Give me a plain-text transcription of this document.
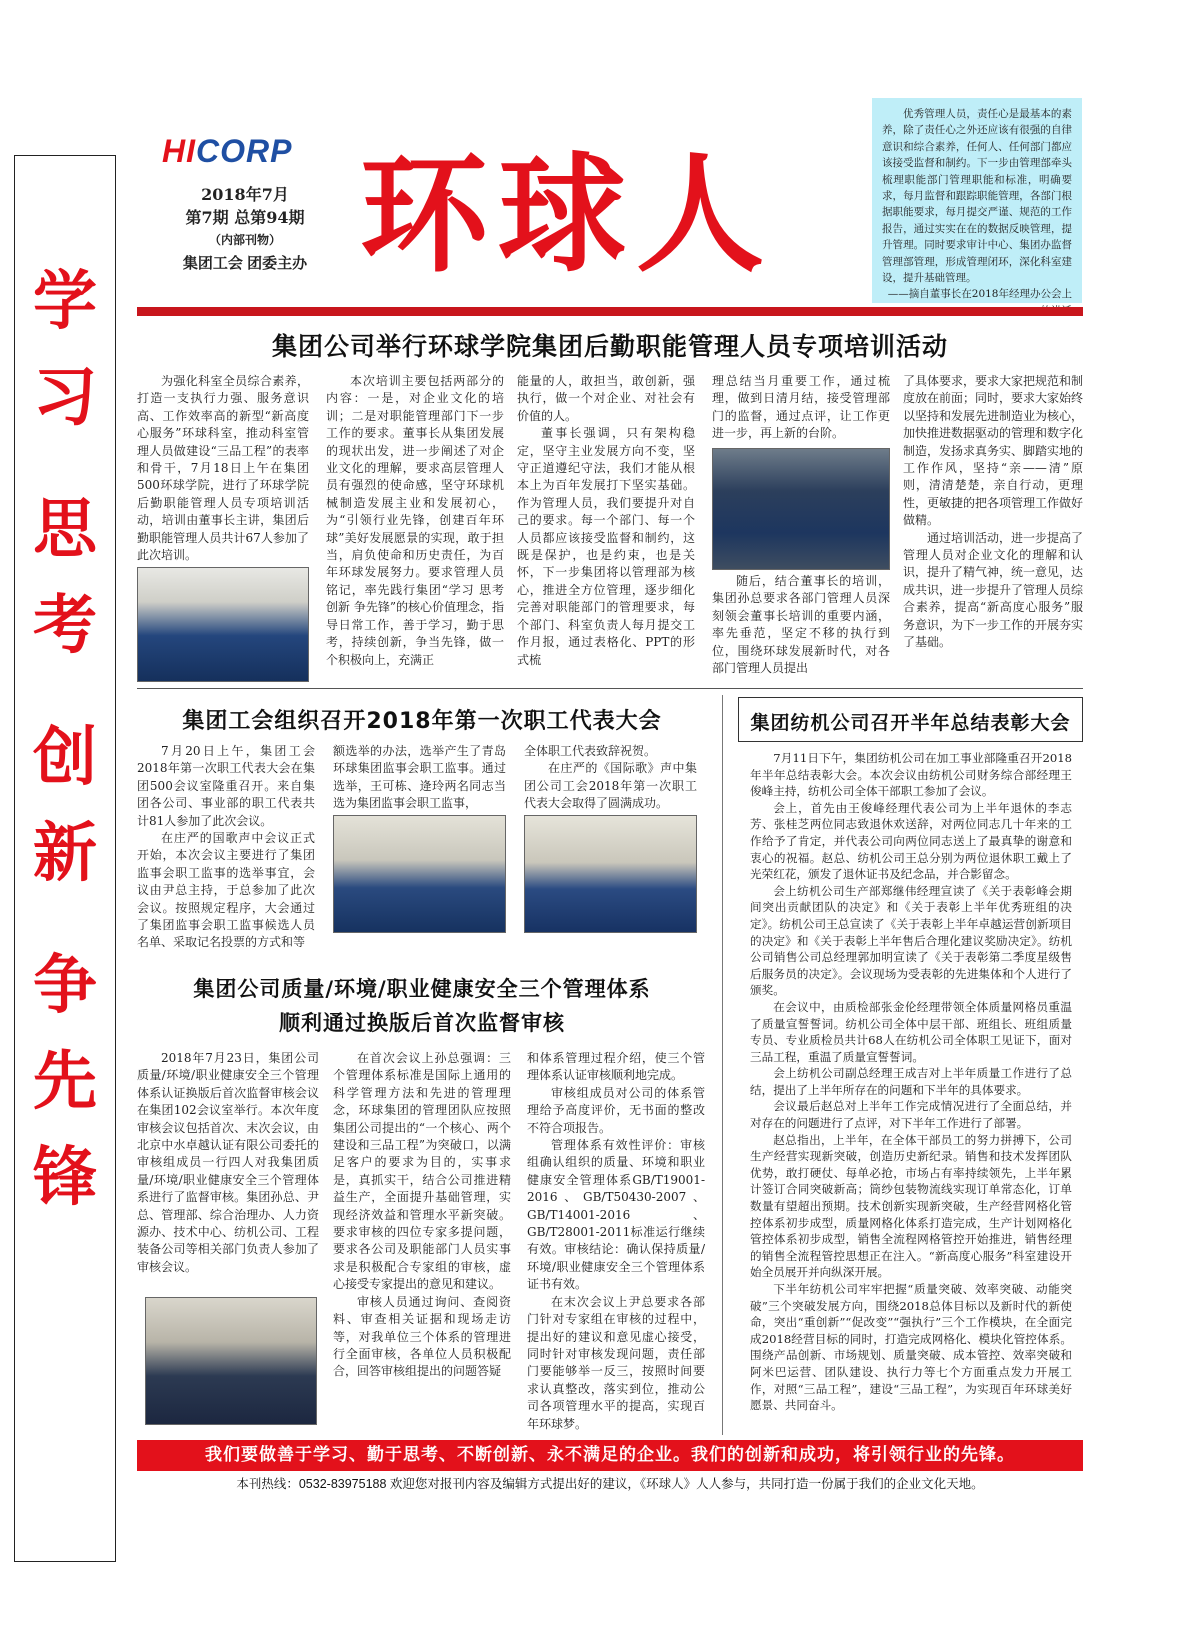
学
习
思
考
创
新
争
先
锋
HICORP
2018年7月
第7期 总第94期
（内部刊物）
集团工会 团委主办 环球人

优秀管理人员，责任心是最基本的素养，除了责任心之外还应该有很强的自律意识和综合素养，任何人、任何部门都应该接受监督和制约。下一步由管理部牵头梳理职能部门管理职能和标准，明确要求，每月监督和跟踪职能管理，各部门根据职能要求，每月提交严谨、规范的工作报告，通过实实在在的数据反映管理，提升管理。同时要求审计中心、集团办监督管理部管理，形成管理闭环，深化科室建设，提升基础管理。

——摘自董事长在2018年经理办公会上
集团公司举行环球学院集团后勤职能管理人员专项培训活动

为强化科室全员综合素养，打造一支执行力强、服务意识高、工作效率高的新型“新高度心服务”环球科室，推动科室管理人员做建设“三品工程”的表率和骨干，7月18日上午在集团500环球学院，进行了环球学院后勤职能管理人员专项培训活动，培训由董事长主讲，集团后勤职能管理人员共计67人参加了此次培训。

本次培训主要包括两部分的内容：一是，对企业文化的培训；二是对职能管理部门下一步工作的要求。董事长从集团发展的现状出发，进一步阐述了对企业文化的理解，要求高层管理人员有强烈的使命感，坚守环球机械制造发展主业和发展初心，为“引领行业先锋，创建百年环球”美好发展愿景的实现，敢于担当，肩负使命和历史责任，为百年环球发展努力。要求管理人员铭记，率先践行集团“学习 思考 创新 争先锋”的核心价值理念，指导日常工作，善于学习，勤于思考，持续创新，争当先锋，做一个积极向上，充满正

能量的人，敢担当，敢创新，强执行，做一个对企业、对社会有价值的人。

董事长强调，只有架构稳定，坚守主业发展方向不变，坚守正道遵纪守法，我们才能从根本上为百年发展打下坚实基础。作为管理人员，我们要提升对自己的要求。每一个部门、每一个人员都应该接受监督和制约，这既是保护，也是约束，也是关怀，下一步集团将以管理部为核心，推进全方位管理，逐步细化完善对职能部门的管理要求，每个部门、科室负责人每月提交工作月报，通过表格化、PPT的形式梳

理总结当月重要工作，通过梳理，做到日清月结，接受管理部门的监督，通过点评，让工作更进一步，再上新的台阶。

随后，结合董事长的培训，集团孙总要求各部门管理人员深刻领会董事长培训的重要内涵，率先垂范，坚定不移的执行到位，围绕环球发展新时代，对各部门管理人员提出

了具体要求，要求大家把规范和制度放在前面；同时，要求大家始终以坚持和发展先进制造业为核心，加快推进数据驱动的管理和数字化制造，发扬求真务实、脚踏实地的工作作风，坚持“亲——清”原则，清清楚楚，亲自行动，更理性，更敏捷的把各项管理工作做好做精。

通过培训活动，进一步提高了管理人员对企业文化的理解和认识，提升了精气神，统一意见，达成共识，进一步提升了管理人员综合素养，提高“新高度心服务”服务意识，为下一步工作的开展夯实了基础。

集团工会组织召开2018年第一次职工代表大会

7月20日上午，集团工会2018年第一次职工代表大会在集团500会议室隆重召开。来自集团各公司、事业部的职工代表共计81人参加了此次会议。

在庄严的国歌声中会议正式开始，本次会议主要进行了集团监事会职工监事的选举事宜，会议由尹总主持，于总参加了此次会议。按照规定程序，大会通过了集团监事会职工监事候选人员名单、采取记名投票的方式和等

额选举的办法，选举产生了青岛环球集团监事会职工监事。通过选举，王可栋、逄玲两名同志当选为集团监事会职工监事，

全体职工代表致辞祝贺。

在庄严的《国际歌》声中集团公司工会2018年第一次职工代表大会取得了圆满成功。

集团公司质量/环境/职业健康安全三个管理体系
顺利通过换版后首次监督审核

2018年7月23日，集团公司质量/环境/职业健康安全三个管理体系认证换版后首次监督审核会议在集团102会议室举行。本次年度审核会议包括首次、末次会议，由北京中水卓越认证有限公司委托的审核组成员一行四人对我集团质量/环境/职业健康安全三个管理体系进行了监督审核。集团孙总、尹总、管理部、综合治理办、人力资源办、技术中心、纺机公司、工程装备公司等相关部门负责人参加了审核会议。

在首次会议上孙总强调：三个管理体系标准是国际上通用的科学管理方法和先进的管理理念，环球集团的管理团队应按照集团公司提出的“一个核心、两个建设和三品工程”为突破口，以满足客户的要求为目的，实事求是，真抓实干，结合公司推进精益生产，全面提升基础管理，实现经济效益和管理水平新突破。要求审核的四位专家多提问题，要求各公司及职能部门人员实事求是积极配合专家组的审核，虚心接受专家提出的意见和建议。

审核人员通过询问、查阅资料、审查相关证据和现场走访等，对我单位三个体系的管理进行全面审核，各单位人员积极配合，回答审核组提出的问题答疑

和体系管理过程介绍，使三个管理体系认证审核顺利地完成。

审核组成员对公司的体系管理给予高度评价，无书面的整改不符合项报告。

管理体系有效性评价：审核组确认组织的质量、环境和职业健康安全管理体系GB/T19001-2016、GB/T50430-2007、GB/T14001-2016、GB/T28001-2011标准运行继续有效。审核结论：确认保持质量/环境/职业健康安全三个管理体系证书有效。

在末次会议上尹总要求各部门针对专家组在审核的过程中，提出好的建议和意见虚心接受，同时针对审核发现问题，责任部门要能够举一反三，按照时间要求认真整改，落实到位，推动公司各项管理水平的提高，实现百年环球梦。

集团纺机公司召开半年总结表彰大会

7月11日下午，集团纺机公司在加工事业部隆重召开2018年半年总结表彰大会。本次会议由纺机公司财务综合部经理王俊峰主持，纺机公司全体干部职工参加了会议。

会上，首先由王俊峰经理代表公司为上半年退休的李志芳、张桂芝两位同志致退休欢送辞，对两位同志几十年来的工作给予了肯定，并代表公司向两位同志送上了最真挚的谢意和衷心的祝福。赵总、纺机公司王总分别为两位退休职工戴上了光荣红花，颁发了退休证书及纪念品，并合影留念。

会上纺机公司生产部郑继伟经理宣读了《关于表彰峰会期间突出贡献团队的决定》和《关于表彰上半年优秀班组的决定》。纺机公司王总宣读了《关于表彰上半年卓越运营创新项目的决定》和《关于表彰上半年售后合理化建议奖励决定》。纺机公司销售公司总经理郭加明宣读了《关于表彰第二季度星级售后服务员的决定》。会议现场为受表彰的先进集体和个人进行了颁奖。

在会议中，由质检部张金伦经理带领全体质量网格员重温了质量宣誓誓词。纺机公司全体中层干部、班组长、班组质量专员、专业质检员共计68人在纺机公司全体职工见证下，面对三品工程，重温了质量宣誓誓词。

会上纺机公司副总经理王成吉对上半年质量工作进行了总结，提出了上半年所存在的问题和下半年的具体要求。

会议最后赵总对上半年工作完成情况进行了全面总结，并对存在的问题进行了点评，对下半年工作进行了部署。

赵总指出，上半年，在全体干部员工的努力拼搏下，公司生产经营实现新突破，创造历史新纪录。销售和技术发挥团队优势，敢打硬仗、每单必抢，市场占有率持续领先，上半年累计签订合同突破新高；筒纱包装物流线实现订单常态化，订单数量有望超出预期。技术创新实现新突破，生产经营网格化管控体系初步成型，质量网格化体系打造完成，生产计划网格化管控体系初步成型，销售全流程网格管控开始推进，销售经理的销售全流程管控思想正在注入。“新高度心服务”科室建设开始全员展开并向纵深开展。

下半年纺机公司牢牢把握“质量突破、效率突破、动能突破”三个突破发展方向，围绕2018总体目标以及新时代的新使命，突出“重创新”“促改变”“强执行”三个工作模块，在全面完成2018经营目标的同时，打造完成网格化、模块化管控体系。围绕产品创新、市场规划、质量突破、成本管控、效率突破和阿米巴运营、团队建设、执行力等七个方面重点发力开展工作，对照“三品工程”，建设“三品工程”，为实现百年环球美好愿景、共同奋斗。

我们要做善于学习、勤于思考、不断创新、永不满足的企业。我们的创新和成功，将引领行业的先锋。
本刊热线：0532-83975188 欢迎您对报刊内容及编辑方式提出好的建议，《环球人》人人参与，共同打造一份属于我们的企业文化天地。
